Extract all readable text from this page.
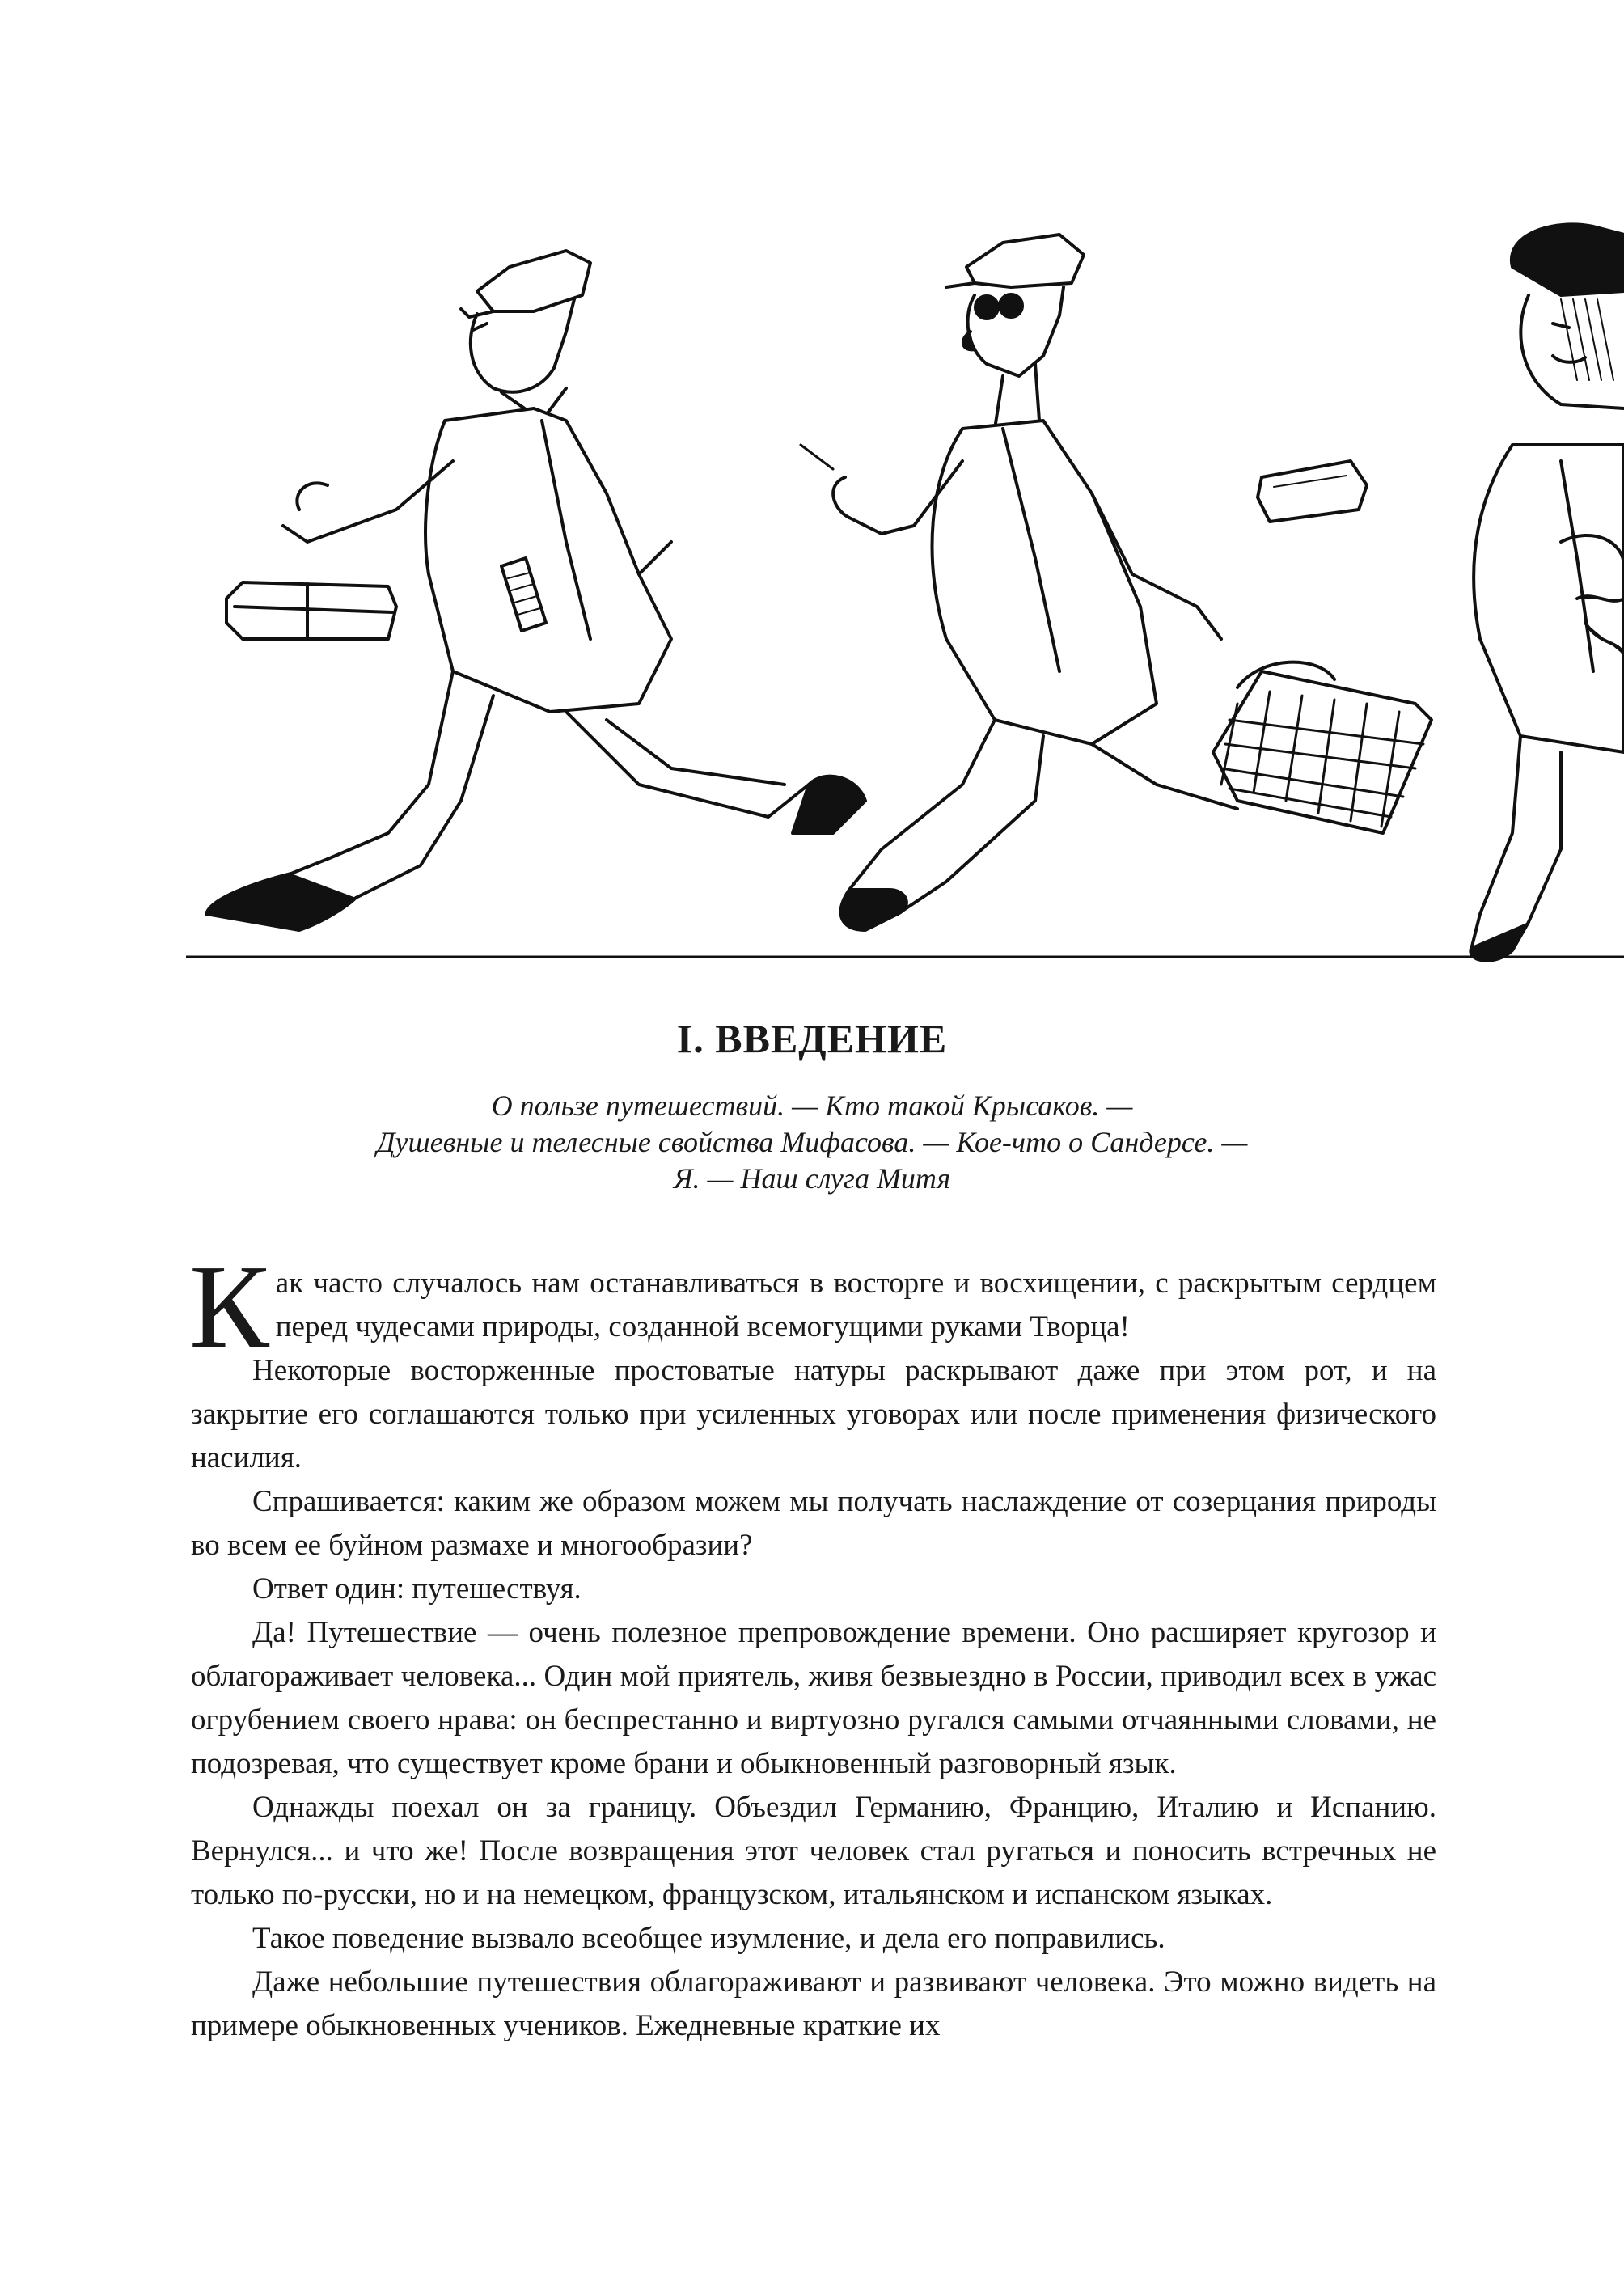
I. ВВЕДЕНИЕ
О пользе путешествий. — Кто такой Крысаков. —
Душевные и телесные свойства Мифасова. — Кое-что о Сандерсе. —
Я. — Наш слуга Митя

Как часто случалось нам останавливаться в восторге и восхищении, с раскрытым сердцем перед чудесами природы, созданной всемогущими руками Творца!

Некоторые восторженные простоватые натуры раскрывают даже при этом рот, и на закрытие его соглашаются только при усиленных уговорах или после применения физического насилия.

Спрашивается: каким же образом можем мы получать наслаждение от созерцания природы во всем ее буйном размахе и многообразии?

Ответ один: путешествуя.

Да! Путешествие — очень полезное препровождение времени. Оно расширяет кругозор и облагораживает человека... Один мой приятель, живя безвыездно в России, приводил всех в ужас огрубением своего нрава: он беспрестанно и виртуозно ругался самыми отчаянными словами, не подозревая, что существует кроме брани и обыкновенный разговорный язык.

Однажды поехал он за границу. Объездил Германию, Францию, Италию и Испанию. Вернулся... и что же! После возвращения этот человек стал ругаться и поносить встречных не только по-русски, но и на немецком, французском, итальянском и испанском языках.

Такое поведение вызвало всеобщее изумление, и дела его поправились.

Даже небольшие путешествия облагораживают и развивают человека. Это можно видеть на примере обыкновенных учеников. Ежедневные краткие их
